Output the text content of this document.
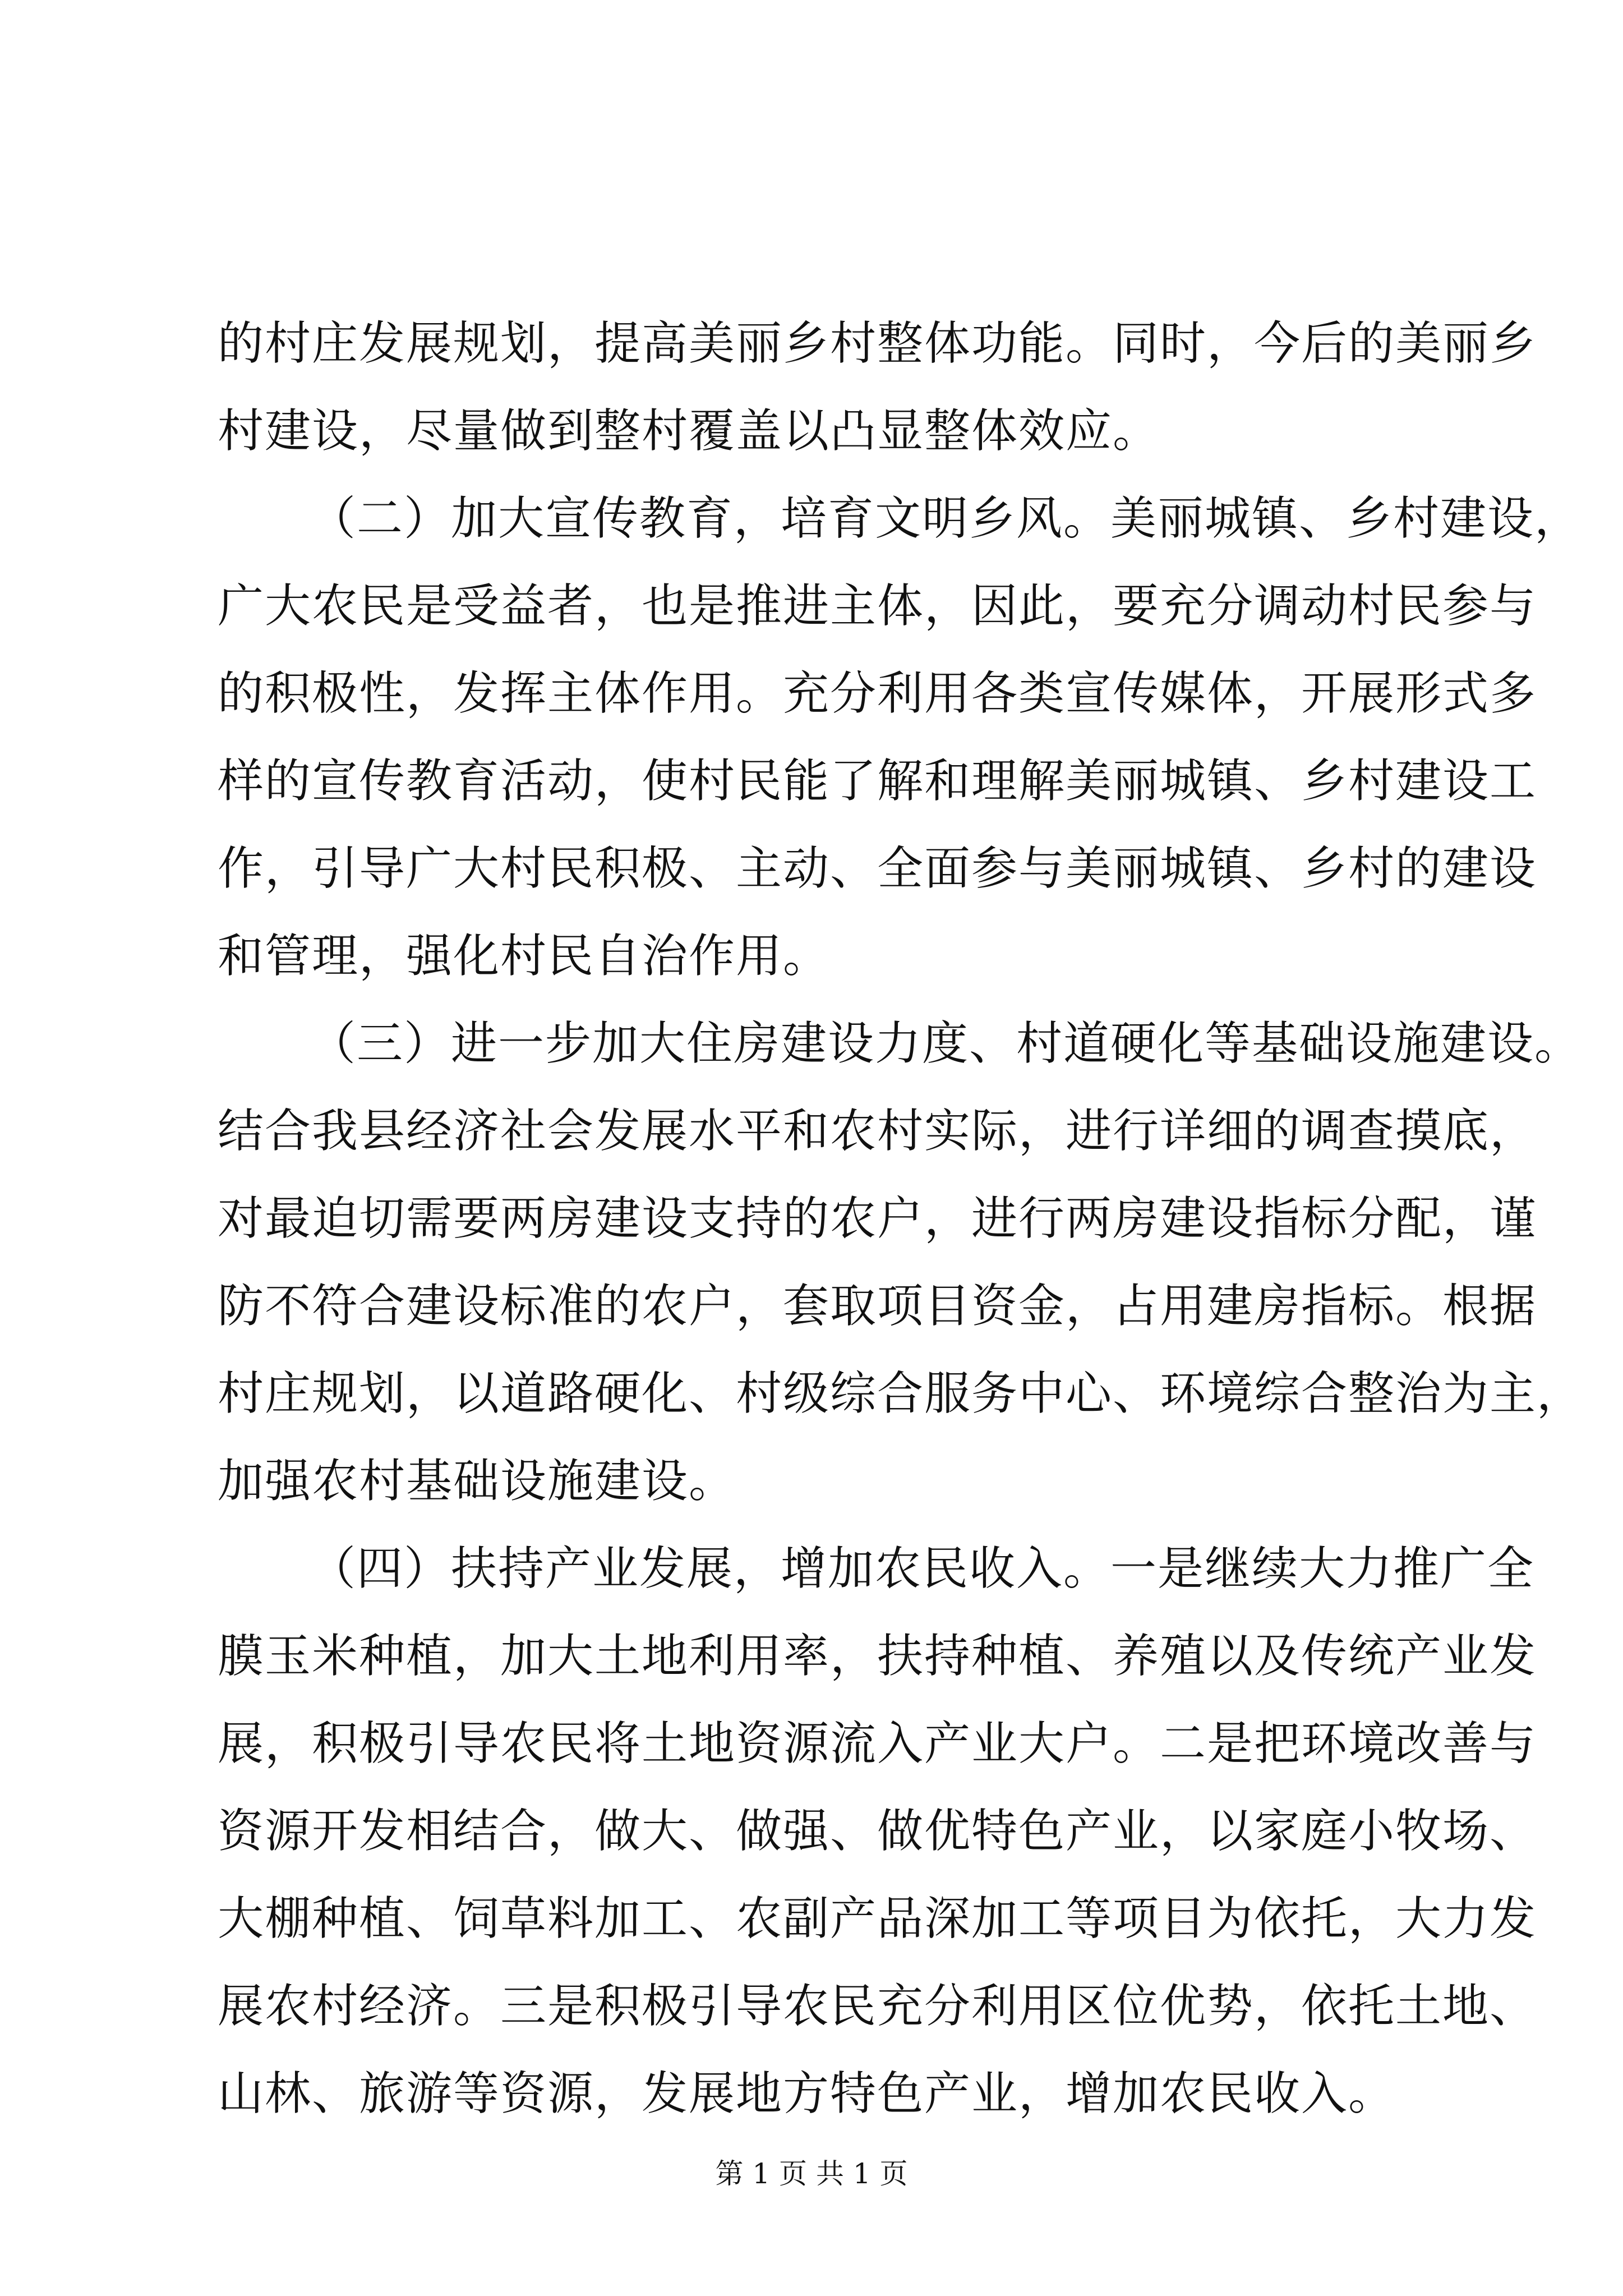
的村庄发展规划，提高美丽乡村整体功能。同时，今后的美丽乡
村建设，尽量做到整村覆盖以凸显整体效应。
（二）加大宣传教育，培育文明乡风。美丽城镇、乡村建设，
广大农民是受益者，也是推进主体，因此，要充分调动村民参与
的积极性，发挥主体作用。充分利用各类宣传媒体，开展形式多
样的宣传教育活动，使村民能了解和理解美丽城镇、乡村建设工
作，引导广大村民积极、主动、全面参与美丽城镇、乡村的建设
和管理，强化村民自治作用。
（三）进一步加大住房建设力度、村道硬化等基础设施建设。
结合我县经济社会发展水平和农村实际，进行详细的调查摸底，
对最迫切需要两房建设支持的农户，进行两房建设指标分配，谨
防不符合建设标准的农户，套取项目资金，占用建房指标。根据
村庄规划，以道路硬化、村级综合服务中心、环境综合整治为主，
加强农村基础设施建设。
（四）扶持产业发展，增加农民收入。一是继续大力推广全
膜玉米种植，加大土地利用率，扶持种植、养殖以及传统产业发
展，积极引导农民将土地资源流入产业大户。二是把环境改善与
资源开发相结合，做大、做强、做优特色产业，以家庭小牧场、
大棚种植、饲草料加工、农副产品深加工等项目为依托，大力发
展农村经济。三是积极引导农民充分利用区位优势，依托土地、
山林、旅游等资源，发展地方特色产业，增加农民收入。
第 1 页 共 1 页
